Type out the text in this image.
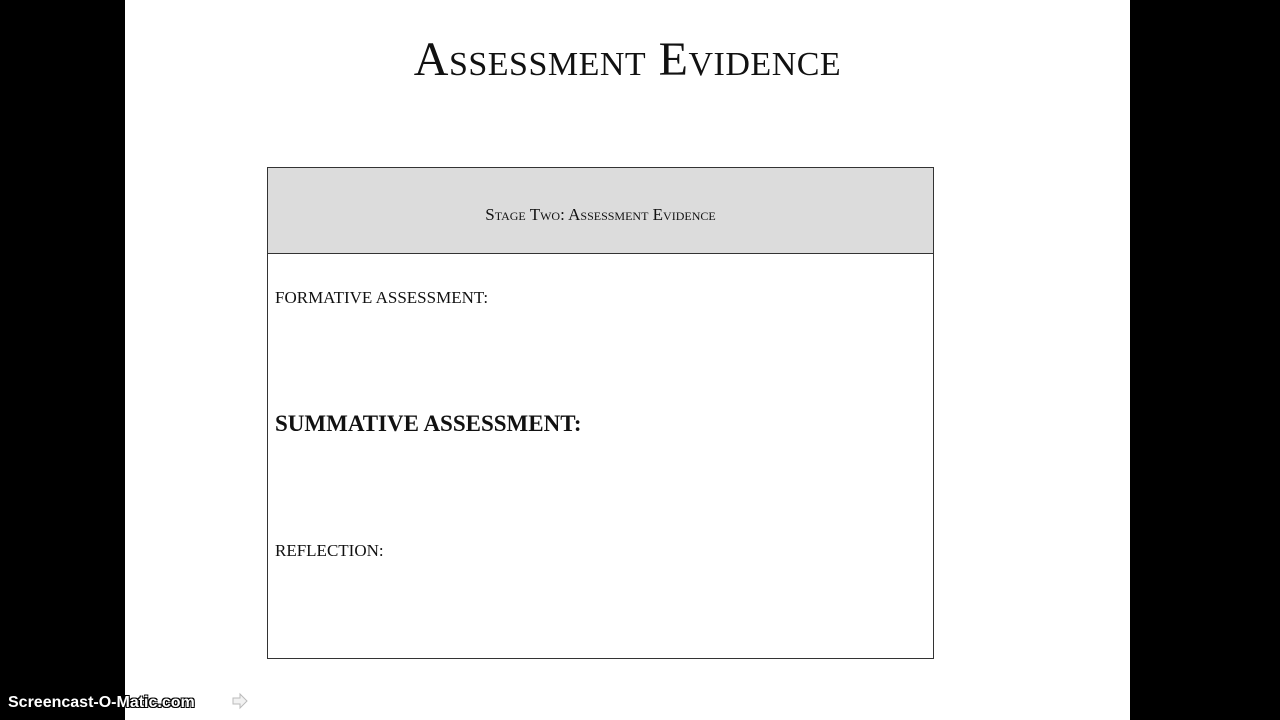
Assessment Evidence
Stage Two: Assessment Evidence
FORMATIVE ASSESSMENT:
SUMMATIVE ASSESSMENT:
REFLECTION:
Screencast-O-Matic.com
